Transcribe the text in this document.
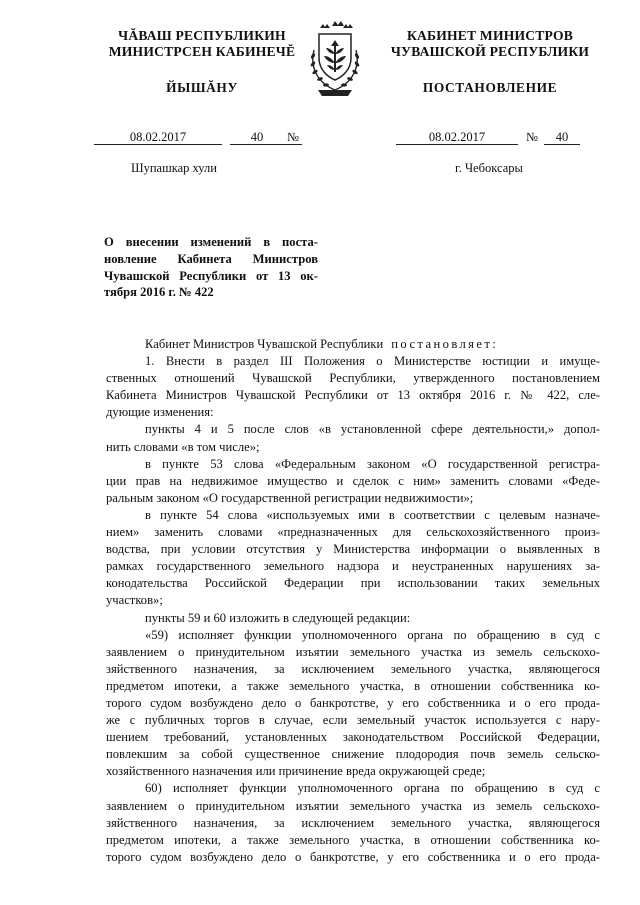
ЧĂВАШ РЕСПУБЛИКИН
МИНИСТРСЕН КАБИНЕЧĔ
ЙЫШĂНУ
КАБИНЕТ МИНИСТРОВ
ЧУВАШСКОЙ РЕСПУБЛИКИ
ПОСТАНОВЛЕНИЕ
08.02.2017	40 №	08.02.2017	№ 40
Шупашкар хули	г. Чебоксары
О внесении изменений в поста-
новление Кабинета Министров
Чувашской Республики от 13 ок-
тября 2016 г. № 422
Кабинет Министров Чувашской Республики постановляет:
1. Внести в раздел III Положения о Министерстве юстиции и имуще-
ственных отношений Чувашской Республики, утвержденного постановлением
Кабинета Министров Чувашской Республики от 13 октября 2016 г. № 422, сле-
дующие изменения:
пункты 4 и 5 после слов «в установленной сфере деятельности,» допол-
нить словами «в том числе»;
в пункте 53 слова «Федеральным законом «О государственной регистра-
ции прав на недвижимое имущество и сделок с ним» заменить словами «Феде-
ральным законом «О государственной регистрации недвижимости»;
в пункте 54 слова «используемых ими в соответствии с целевым назначе-
нием» заменить словами «предназначенных для сельскохозяйственного произ-
водства, при условии отсутствия у Министерства информации о выявленных в
рамках государственного земельного надзора и неустраненных нарушениях за-
конодательства Российской Федерации при использовании таких земельных
участков»;
пункты 59 и 60 изложить в следующей редакции:
«59) исполняет функции уполномоченного органа по обращению в суд с
заявлением о принудительном изъятии земельного участка из земель сельскохо-
зяйственного назначения, за исключением земельного участка, являющегося
предметом ипотеки, а также земельного участка, в отношении собственника ко-
торого судом возбуждено дело о банкротстве, у его собственника и о его прода-
же с публичных торгов в случае, если земельный участок используется с нару-
шением требований, установленных законодательством Российской Федерации,
повлекшим за собой существенное снижение плодородия почв земель сельско-
хозяйственного назначения или причинение вреда окружающей среде;
60) исполняет функции уполномоченного органа по обращению в суд с
заявлением о принудительном изъятии земельного участка из земель сельскохо-
зяйственного назначения, за исключением земельного участка, являющегося
предметом ипотеки, а также земельного участка, в отношении собственника ко-
торого судом возбуждено дело о банкротстве, у его собственника и о его прода-
